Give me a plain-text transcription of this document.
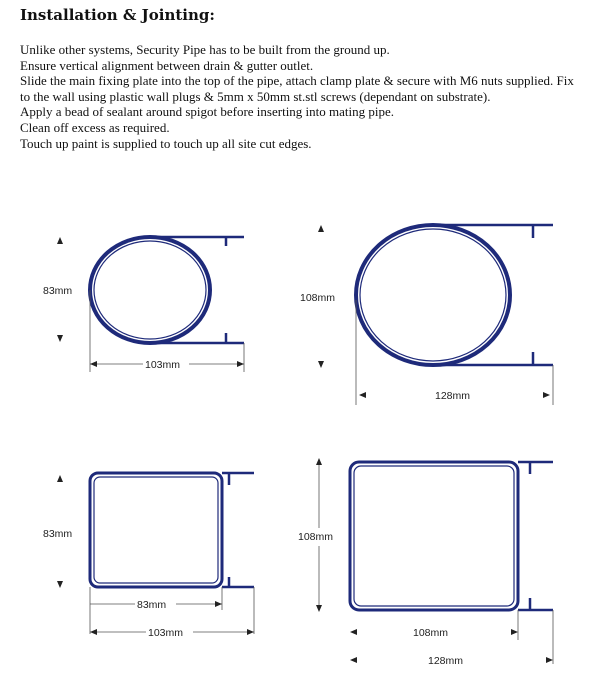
Installation & Jointing:
Unlike other systems, Security Pipe has to be built from the ground up.
Ensure vertical alignment between drain & gutter outlet.
Slide the main fixing plate into the top of the pipe, attach clamp plate & secure with M6 nuts supplied. Fix to the wall using plastic wall plugs & 5mm x 50mm st.stl screws (dependant on substrate).
Apply a bead of sealant around spigot before inserting into mating pipe.
Clean off excess as required.
Touch up paint is supplied to touch up all site cut edges.
83mm
103mm
108mm
128mm
83mm
83mm
103mm
108mm
108mm
128mm
